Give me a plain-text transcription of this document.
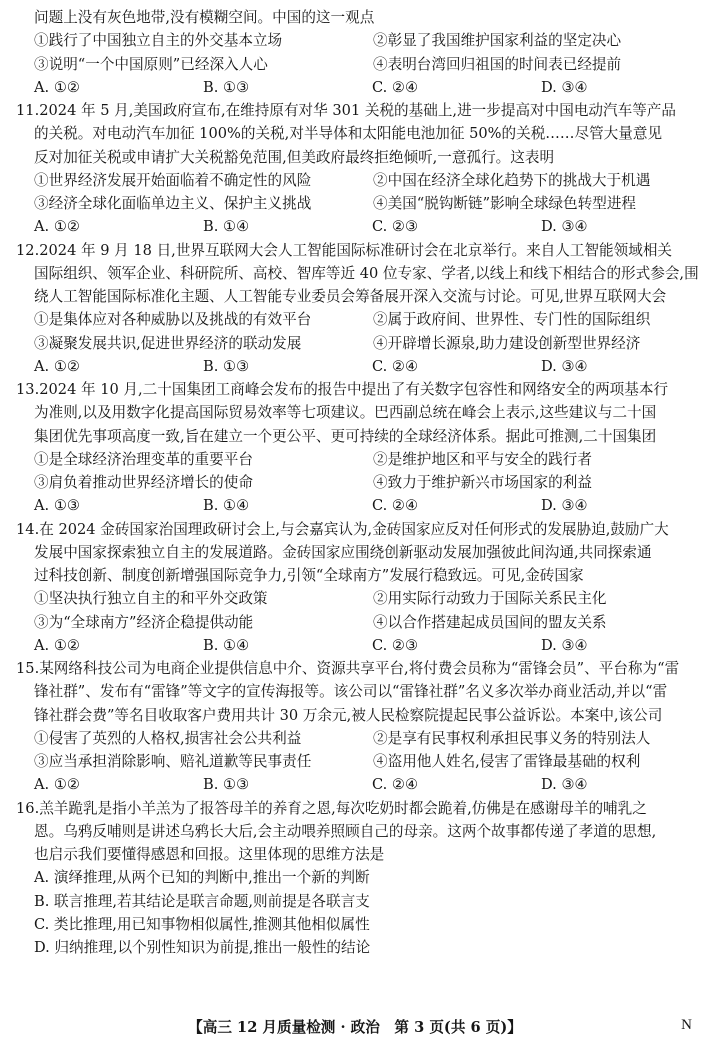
问题上没有灰色地带,没有模糊空间。中国的这一观点
①践行了中国独立自主的外交基本立场	②彰显了我国维护国家利益的坚定决心
③说明“一个中国原则”已经深入人心	④表明台湾回归祖国的时间表已经提前
A. ①②	B. ①③	C. ②④	D. ③④
11.2024 年 5 月,美国政府宣布,在维持原有对华 301 关税的基础上,进一步提高对中国电动汽车等产品
的关税。对电动汽车加征 100%的关税,对半导体和太阳能电池加征 50%的关税……尽管大量意见
反对加征关税或申请扩大关税豁免范围,但美政府最终拒绝倾听,一意孤行。这表明
①世界经济发展开始面临着不确定性的风险	②中国在经济全球化趋势下的挑战大于机遇
③经济全球化面临单边主义、保护主义挑战	④美国“脱钩断链”影响全球绿色转型进程
A. ①②	B. ①④	C. ②③	D. ③④
12.2024 年 9 月 18 日,世界互联网大会人工智能国际标准研讨会在北京举行。来自人工智能领域相关
国际组织、领军企业、科研院所、高校、智库等近 40 位专家、学者,以线上和线下相结合的形式参会,围
绕人工智能国际标准化主题、人工智能专业委员会筹备展开深入交流与讨论。可见,世界互联网大会
①是集体应对各种威胁以及挑战的有效平台	②属于政府间、世界性、专门性的国际组织
③凝聚发展共识,促进世界经济的联动发展	④开辟增长源泉,助力建设创新型世界经济
A. ①②	B. ①③	C. ②④	D. ③④
13.2024 年 10 月,二十国集团工商峰会发布的报告中提出了有关数字包容性和网络安全的两项基本行
为准则,以及用数字化提高国际贸易效率等七项建议。巴西副总统在峰会上表示,这些建议与二十国
集团优先事项高度一致,旨在建立一个更公平、更可持续的全球经济体系。据此可推测,二十国集团
①是全球经济治理变革的重要平台	②是维护地区和平与安全的践行者
③肩负着推动世界经济增长的使命	④致力于维护新兴市场国家的利益
A. ①③	B. ①④	C. ②④	D. ③④
14.在 2024 金砖国家治国理政研讨会上,与会嘉宾认为,金砖国家应反对任何形式的发展胁迫,鼓励广大
发展中国家探索独立自主的发展道路。金砖国家应围绕创新驱动发展加强彼此间沟通,共同探索通
过科技创新、制度创新增强国际竞争力,引领“全球南方”发展行稳致远。可见,金砖国家
①坚决执行独立自主的和平外交政策	②用实际行动致力于国际关系民主化
③为“全球南方”经济企稳提供动能	④以合作搭建起成员国间的盟友关系
A. ①②	B. ①④	C. ②③	D. ③④
15.某网络科技公司为电商企业提供信息中介、资源共享平台,将付费会员称为“雷锋会员”、平台称为“雷
锋社群”、发布有“雷锋”等文字的宣传海报等。该公司以“雷锋社群”名义多次举办商业活动,并以“雷
锋社群会费”等名目收取客户费用共计 30 万余元,被人民检察院提起民事公益诉讼。本案中,该公司
①侵害了英烈的人格权,损害社会公共利益	②是享有民事权利承担民事义务的特别法人
③应当承担消除影响、赔礼道歉等民事责任	④盗用他人姓名,侵害了雷锋最基础的权利
A. ①②	B. ①③	C. ②④	D. ③④
16.羔羊跪乳是指小羊羔为了报答母羊的养育之恩,每次吃奶时都会跪着,仿佛是在感谢母羊的哺乳之
恩。乌鸦反哺则是讲述乌鸦长大后,会主动喂养照顾自己的母亲。这两个故事都传递了孝道的思想,
也启示我们要懂得感恩和回报。这里体现的思维方法是
A. 演绎推理,从两个已知的判断中,推出一个新的判断
B. 联言推理,若其结论是联言命题,则前提是各联言支
C. 类比推理,用已知事物相似属性,推测其他相似属性
D. 归纳推理,以个别性知识为前提,推出一般性的结论
【高三 12 月质量检测 · 政治　第 3 页(共 6 页)】	N
